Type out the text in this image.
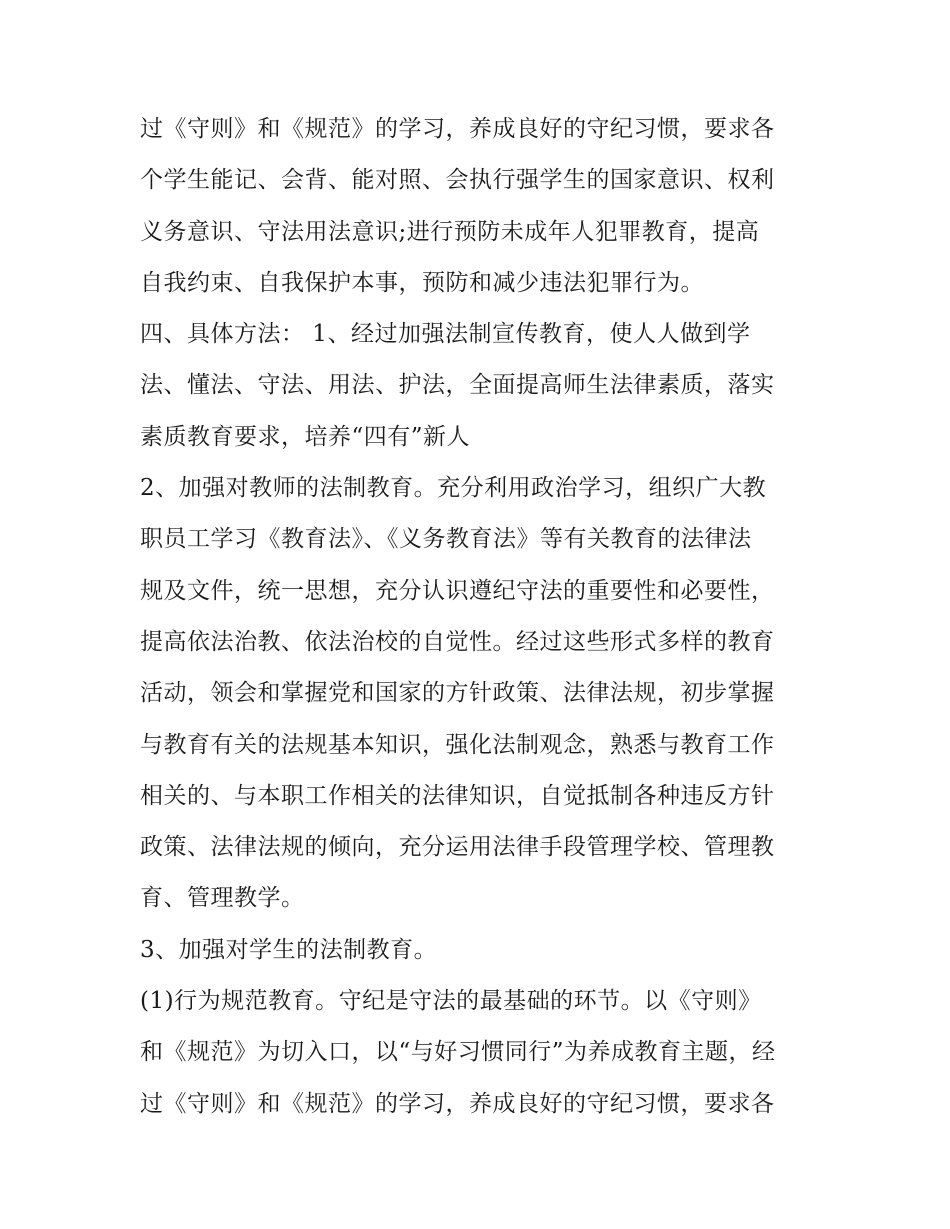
过《守则》和《规范》的学习，养成良好的守纪习惯，要求各
个学生能记、会背、能对照、会执行强学生的国家意识、权利
义务意识、守法用法意识;进行预防未成年人犯罪教育，提高
自我约束、自我保护本事，预防和减少违法犯罪行为。
四、具体方法： 1、经过加强法制宣传教育，使人人做到学
法、懂法、守法、用法、护法，全面提高师生法律素质，落实
素质教育要求，培养“四有”新人
2、加强对教师的法制教育。充分利用政治学习，组织广大教
职员工学习《教育法》、《义务教育法》等有关教育的法律法
规及文件，统一思想，充分认识遵纪守法的重要性和必要性，
提高依法治教、依法治校的自觉性。经过这些形式多样的教育
活动，领会和掌握党和国家的方针政策、法律法规，初步掌握
与教育有关的法规基本知识，强化法制观念，熟悉与教育工作
相关的、与本职工作相关的法律知识，自觉抵制各种违反方针
政策、法律法规的倾向，充分运用法律手段管理学校、管理教
育、管理教学。
3、加强对学生的法制教育。
(1)行为规范教育。守纪是守法的最基础的环节。以《守则》
和《规范》为切入口，以“与好习惯同行”为养成教育主题，经
过《守则》和《规范》的学习，养成良好的守纪习惯，要求各
